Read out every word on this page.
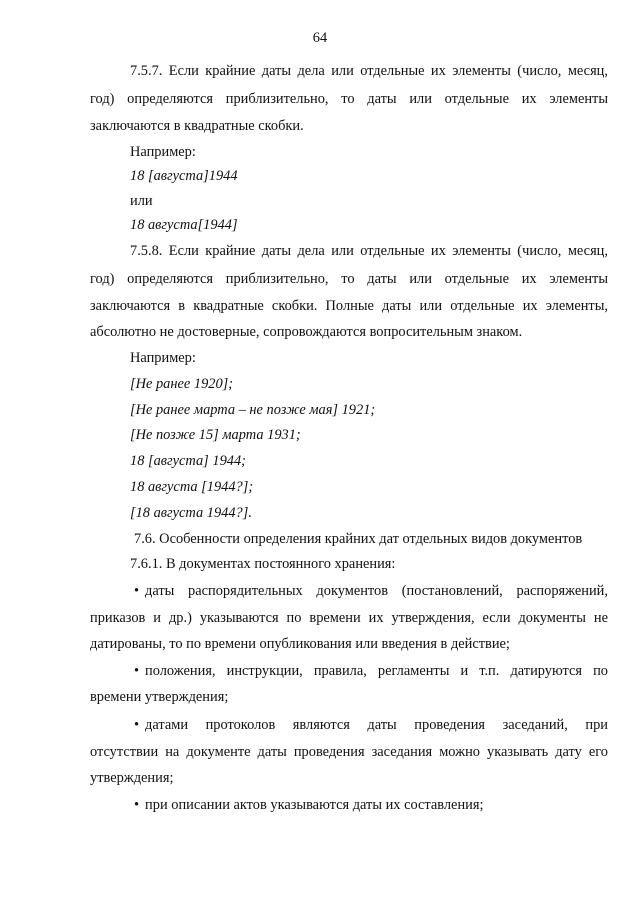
64
7.5.7. Если крайние даты дела или отдельные их элементы (число, месяц,
год) определяются приблизительно, то даты или отдельные их элементы
заключаются в квадратные скобки.
Например:
18 [августа]1944
или
18 августа[1944]
7.5.8. Если крайние даты дела или отдельные их элементы (число, месяц,
год) определяются приблизительно, то даты или отдельные их элементы
заключаются в квадратные скобки. Полные даты или отдельные их элементы,
абсолютно не достоверные, сопровождаются вопросительным знаком.
Например:
[Не ранее 1920];
[Не ранее марта – не позже мая] 1921;
[Не позже 15] марта 1931;
18 [августа] 1944;
18 августа [1944?];
[18 августа 1944?].
7.6. Особенности определения крайних дат отдельных видов документов
7.6.1. В документах постоянного хранения:
• даты распорядительных документов (постановлений, распоряжений,
приказов и др.) указываются по времени их утверждения, если документы не
датированы, то по времени опубликования или введения в действие;
• положения, инструкции, правила, регламенты и т.п. датируются по
времени утверждения;
• датами протоколов являются даты проведения заседаний, при
отсутствии на документе даты проведения заседания можно указывать дату его
утверждения;
• при описании актов указываются даты их составления;
